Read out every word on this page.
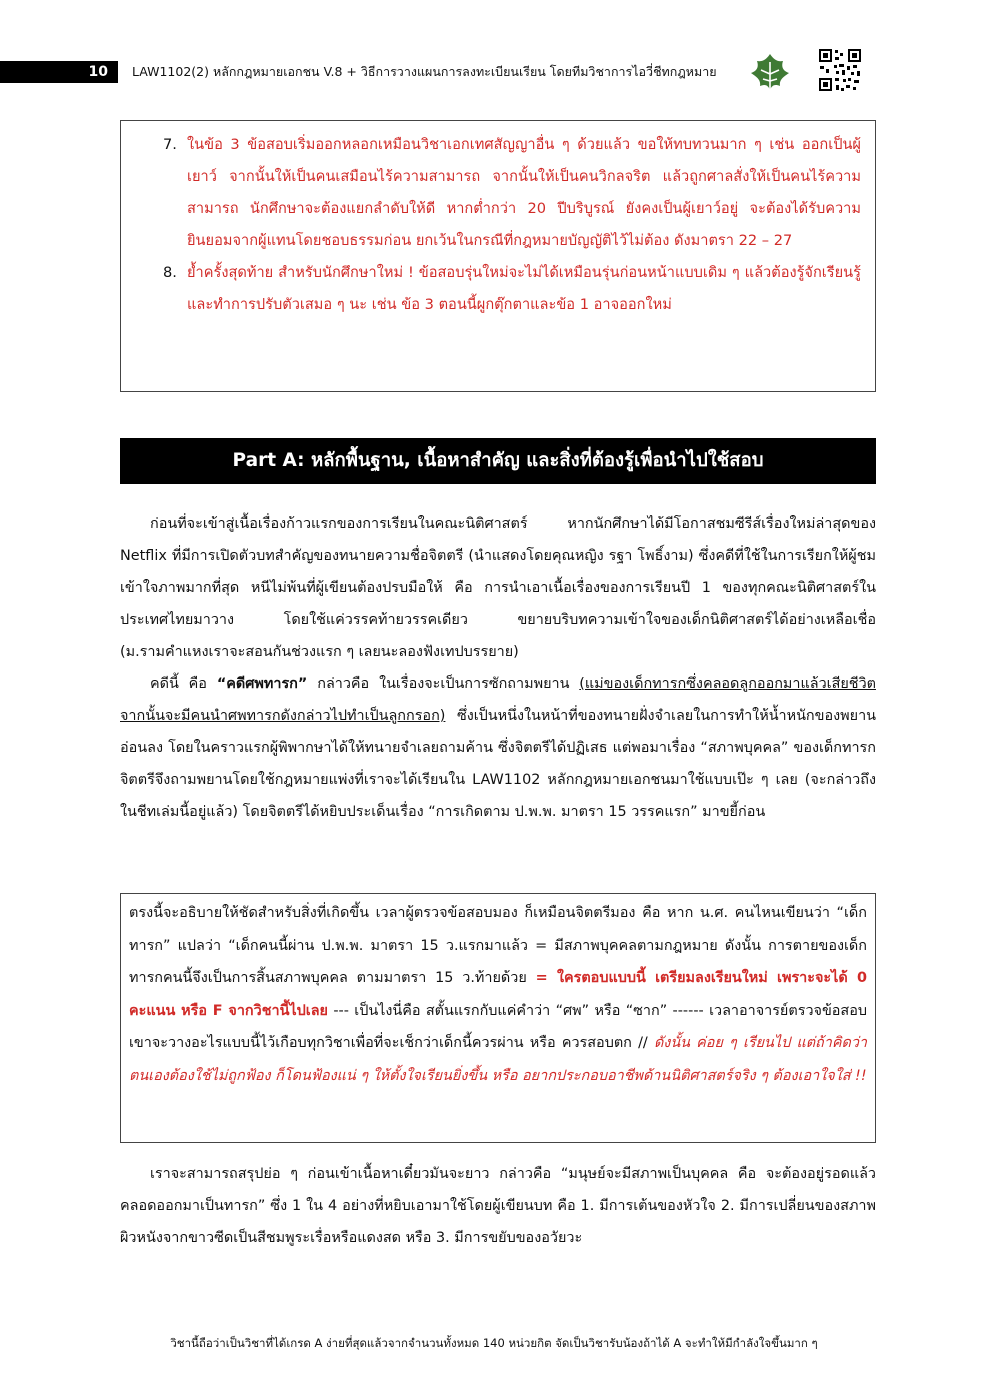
10	LAW1102(2) หลักกฎหมายเอกชน V.8 + วิธีการวางแผนการลงทะเบียนเรียน โดยทีมวิชาการไอวี่ชีทกฎหมาย
7. ในข้อ 3 ข้อสอบเริ่มออกหลอกเหมือนวิชาเอกเทศสัญญาอื่น ๆ ด้วยแล้ว ขอให้ทบทวนมาก ๆ เช่น ออกเป็นผู้เยาว์ จากนั้นให้เป็นคนเสมือนไร้ความสามารถ จากนั้นให้เป็นคนวิกลจริต แล้วถูกศาลสั่งให้เป็นคนไร้ความสามารถ นักศึกษาจะต้องแยกลำดับให้ดี หากต่ำกว่า 20 ปีบริบูรณ์ ยังคงเป็นผู้เยาว์อยู่ จะต้องได้รับความยินยอมจากผู้แทนโดยชอบธรรมก่อน ยกเว้นในกรณีที่กฎหมายบัญญัติไว้ไม่ต้อง ดังมาตรา 22 – 27
8. ย้ำครั้งสุดท้าย สำหรับนักศึกษาใหม่ ! ข้อสอบรุ่นใหม่จะไม่ได้เหมือนรุ่นก่อนหน้าแบบเดิม ๆ แล้วต้องรู้จักเรียนรู้และทำการปรับตัวเสมอ ๆ นะ เช่น ข้อ 3 ตอนนี้ผูกตุ๊กตาและข้อ 1 อาจออกใหม่
Part A: หลักพื้นฐาน, เนื้อหาสำคัญ และสิ่งที่ต้องรู้เพื่อนำไปใช้สอบ

ก่อนที่จะเข้าสู่เนื้อเรื่องก้าวแรกของการเรียนในคณะนิติศาสตร์ หากนักศึกษาได้มีโอกาสชมซีรีส์เรื่องใหม่ล่าสุดของ Netflix ที่มีการเปิดตัวบทสำคัญของทนายความชื่อจิตตรี (นำแสดงโดยคุณหญิง รฐา โพธิ์งาม) ซึ่งคดีที่ใช้ในการเรียกให้ผู้ชมเข้าใจภาพมากที่สุด หนีไม่พ้นที่ผู้เขียนต้องปรบมือให้ คือ การนำเอาเนื้อเรื่องของการเรียนปี 1 ของทุกคณะนิติศาสตร์ในประเทศไทยมาวาง โดยใช้แค่วรรคท้ายวรรคเดียว ขยายบริบทความเข้าใจของเด็กนิติศาสตร์ได้อย่างเหลือเชื่อ (ม.รามคำแหงเราจะสอนกันช่วงแรก ๆ เลยนะลองฟังเทปบรรยาย)

คดีนี้ คือ “คดีศพทารก” กล่าวคือ ในเรื่องจะเป็นการซักถามพยาน (แม่ของเด็กทารกซึ่งคลอดลูกออกมาแล้วเสียชีวิต จากนั้นจะมีคนนำศพทารกดังกล่าวไปทำเป็นลูกกรอก) ซึ่งเป็นหนึ่งในหน้าที่ของทนายฝั่งจำเลยในการทำให้น้ำหนักของพยานอ่อนลง โดยในคราวแรกผู้พิพากษาได้ให้ทนายจำเลยถามค้าน ซึ่งจิตตรีได้ปฏิเสธ แต่พอมาเรื่อง “สภาพบุคคล” ของเด็กทารกจิตตรีจึงถามพยานโดยใช้กฎหมายแพ่งที่เราจะได้เรียนใน LAW1102 หลักกฎหมายเอกชนมาใช้แบบเป๊ะ ๆ เลย (จะกล่าวถึงในชีทเล่มนี้อยู่แล้ว) โดยจิตตรีได้หยิบประเด็นเรื่อง “การเกิดตาม ป.พ.พ. มาตรา 15 วรรคแรก” มาขยี้ก่อน

ตรงนี้จะอธิบายให้ชัดสำหรับสิ่งที่เกิดขึ้น เวลาผู้ตรวจข้อสอบมอง ก็เหมือนจิตตรีมอง คือ หาก น.ศ. คนไหนเขียนว่า “เด็กทารก” แปลว่า “เด็กคนนี้ผ่าน ป.พ.พ. มาตรา 15 ว.แรกมาแล้ว = มีสภาพบุคคลตามกฎหมาย ดังนั้น การตายของเด็กทารกคนนี้จึงเป็นการสิ้นสภาพบุคคล ตามมาตรา 15 ว.ท้ายด้วย = ใครตอบแบบนี้ เตรียมลงเรียนใหม่ เพราะจะได้ 0 คะแนน หรือ F จากวิชานี้ไปเลย --- เป็นไงนี่คือ สตั้นแรกกับแค่คำว่า “ศพ” หรือ “ซาก” ------ เวลาอาจารย์ตรวจข้อสอบ เขาจะวางอะไรแบบนี้ไว้เกือบทุกวิชาเพื่อที่จะเช็กว่าเด็กนี้ควรผ่าน หรือ ควรสอบตก // ดังนั้น ค่อย ๆ เรียนไป แต่ถ้าคิดว่าตนเองต้องใช้ไม่ถูกฟ้อง ก็โดนฟ้องแน่ ๆ ให้ตั้งใจเรียนยิ่งขึ้น หรือ อยากประกอบอาชีพด้านนิติศาสตร์จริง ๆ ต้องเอาใจใส่ !!

เราจะสามารถสรุปย่อ ๆ ก่อนเข้าเนื้อหาเดี๋ยวมันจะยาว กล่าวคือ “มนุษย์จะมีสภาพเป็นบุคคล คือ จะต้องอยู่รอดแล้วคลอดออกมาเป็นทารก” ซึ่ง 1 ใน 4 อย่างที่หยิบเอามาใช้โดยผู้เขียนบท คือ 1. มีการเต้นของหัวใจ 2. มีการเปลี่ยนของสภาพผิวหนังจากขาวซีดเป็นสีชมพูระเรื่อหรือแดงสด หรือ 3. มีการขยับของอวัยวะ

วิชานี้ถือว่าเป็นวิชาที่ได้เกรด A ง่ายที่สุดแล้วจากจำนวนทั้งหมด 140 หน่วยกิต จัดเป็นวิชารับน้องถ้าได้ A จะทำให้มีกำลังใจขึ้นมาก ๆ
